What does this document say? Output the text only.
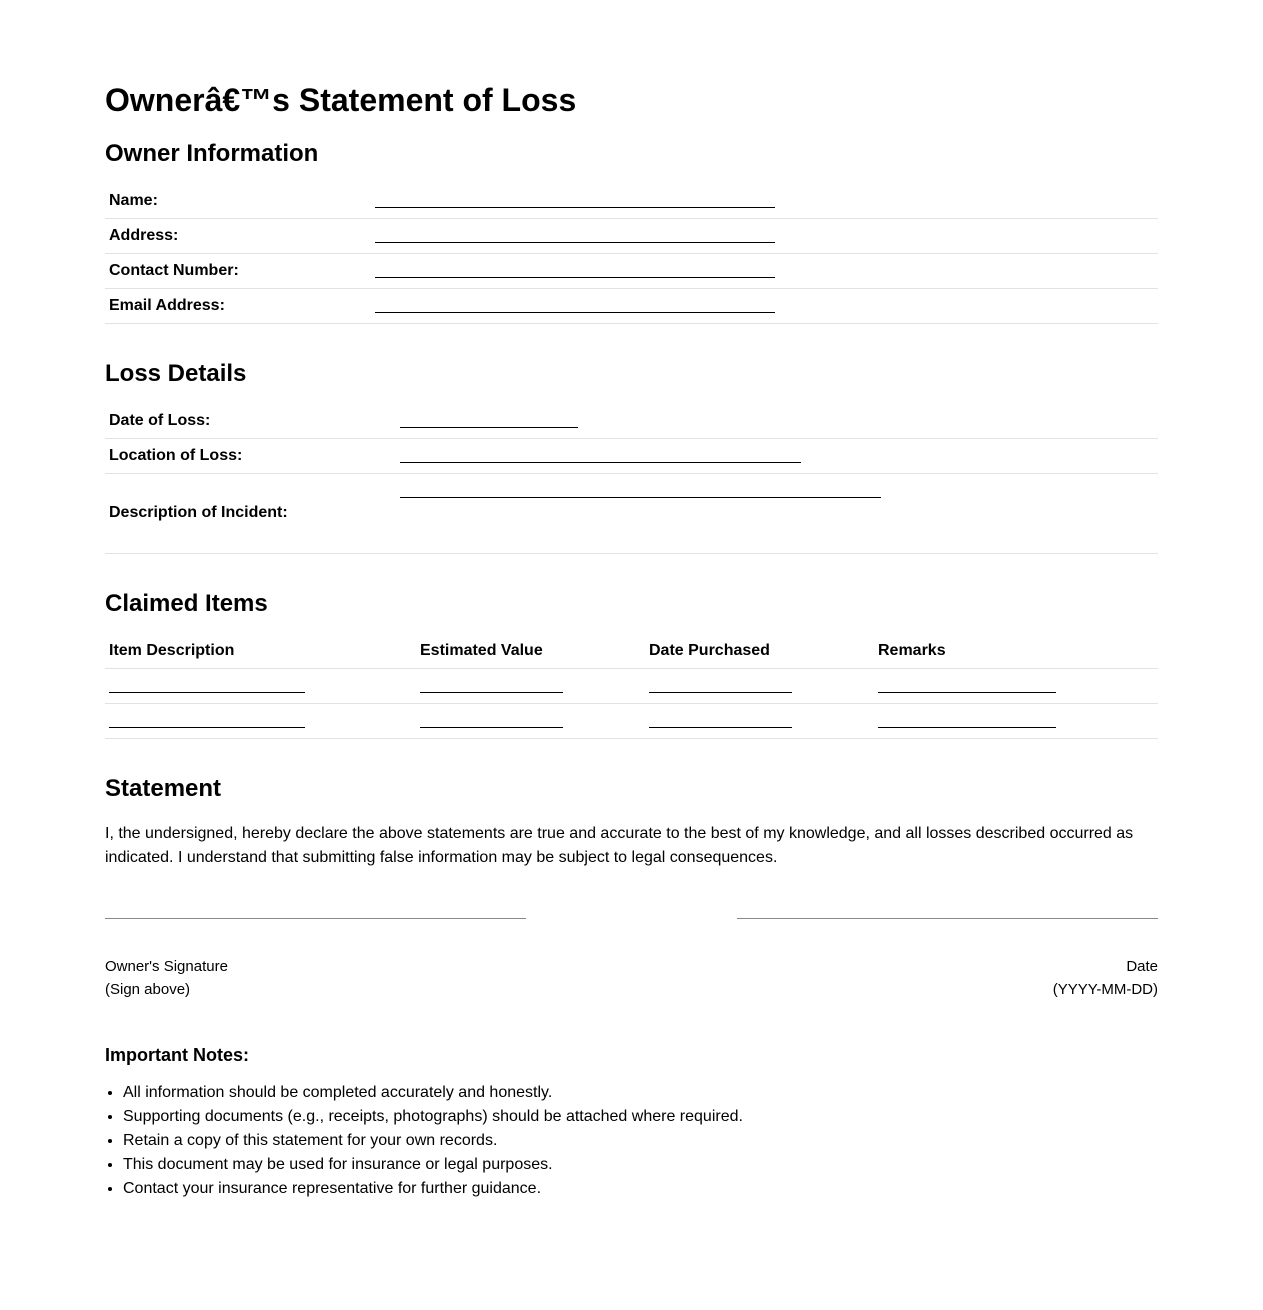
Ownerâ€™s Statement of Loss
Owner Information
Name:
Address:
Contact Number:
Email Address:
Loss Details
Date of Loss:
Location of Loss:
Description of Incident:
Claimed Items
Item Description	Estimated Value	Date Purchased	Remarks
Statement

I, the undersigned, hereby declare the above statements are true and accurate to the best of my knowledge, and all losses described occurred as indicated. I understand that submitting false information may be subject to legal consequences.

Owner's Signature
(Sign above)
Date
(YYYY-MM-DD)
Important Notes:
• All information should be completed accurately and honestly.
• Supporting documents (e.g., receipts, photographs) should be attached where required.
• Retain a copy of this statement for your own records.
• This document may be used for insurance or legal purposes.
• Contact your insurance representative for further guidance.
